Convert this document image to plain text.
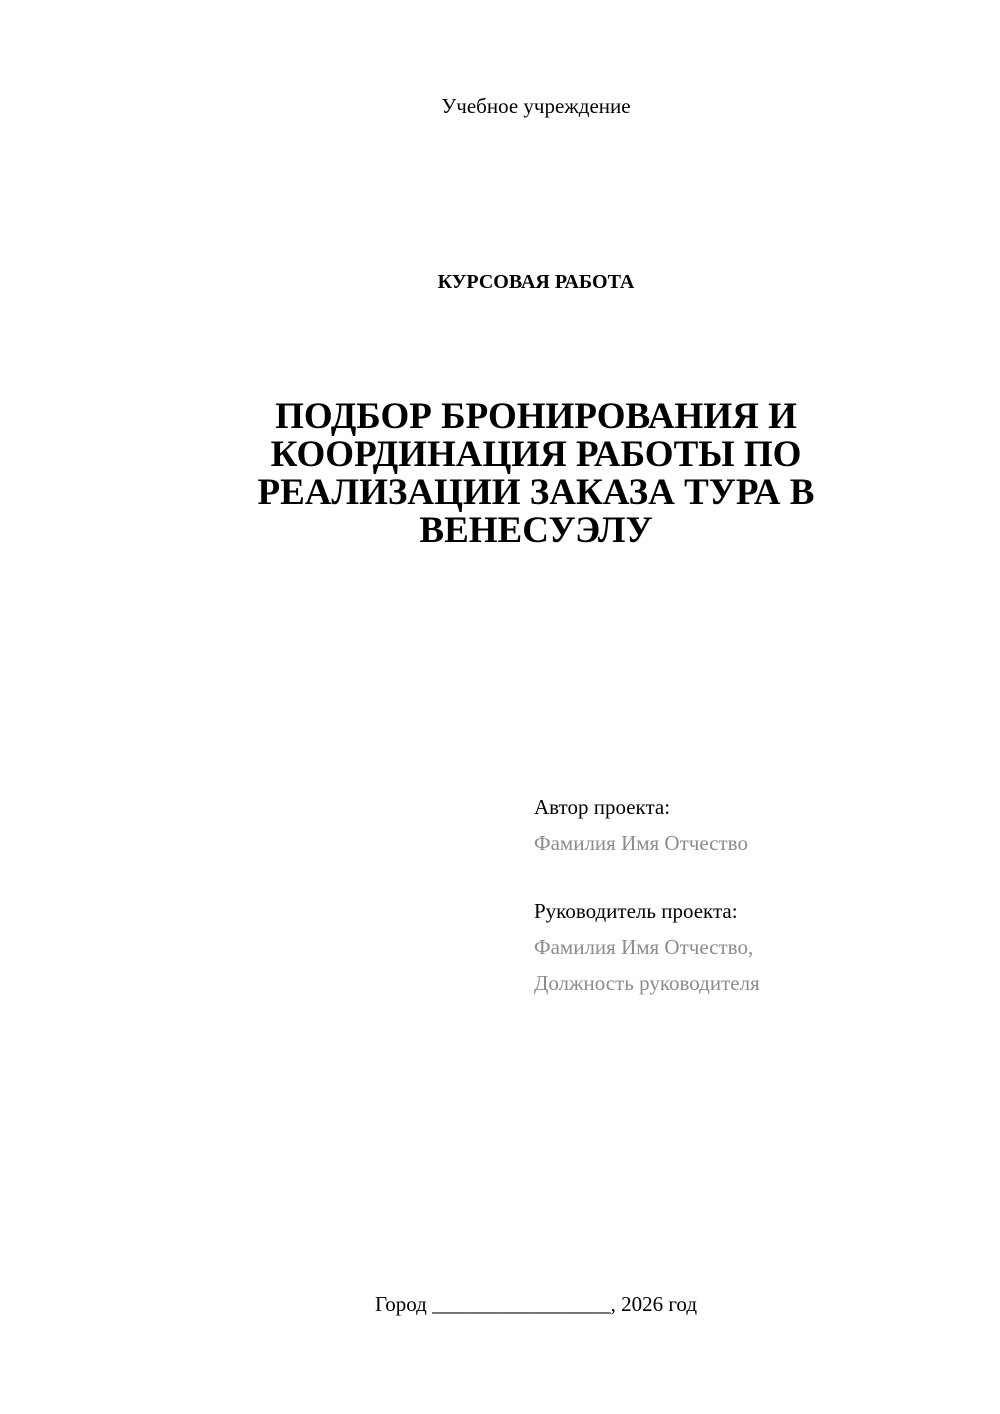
Учебное учреждение
КУРСОВАЯ РАБОТА
ПОДБОР БРОНИРОВАНИЯ И
КООРДИНАЦИЯ РАБОТЫ ПО
РЕАЛИЗАЦИИ ЗАКАЗА ТУРА В
ВЕНЕСУЭЛУ
Автор проекта:
Фамилия Имя Отчество
Руководитель проекта:
Фамилия Имя Отчество,
Должность руководителя
Город _________________, 2026 год
